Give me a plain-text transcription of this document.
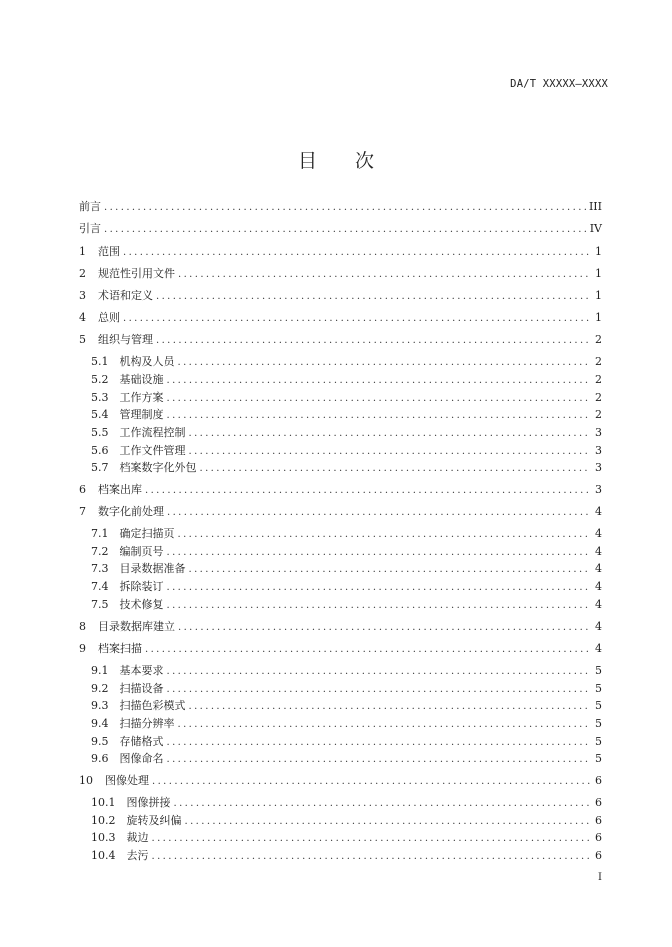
DA/T XXXXX—XXXX
目 次
前言 .....	III
引言 .....	IV
1 范围 .....	1
2 规范性引用文件 .....	1
3 术语和定义 .....	1
4 总则 .....	1
5 组织与管理 .....	2
5.1 机构及人员 .....	2
5.2 基础设施 .....	2
5.3 工作方案 .....	2
5.4 管理制度 .....	2
5.5 工作流程控制 .....	3
5.6 工作文件管理 .....	3
5.7 档案数字化外包 .....	3
6 档案出库 .....	3
7 数字化前处理 .....	4
7.1 确定扫描页 .....	4
7.2 编制页号 .....	4
7.3 目录数据准备 .....	4
7.4 拆除装订 .....	4
7.5 技术修复 .....	4
8 目录数据库建立 .....	4
9 档案扫描 .....	4
9.1 基本要求 .....	5
9.2 扫描设备 .....	5
9.3 扫描色彩模式 .....	5
9.4 扫描分辨率 .....	5
9.5 存储格式 .....	5
9.6 图像命名 .....	5
10 图像处理 .....	6
10.1 图像拼接 .....	6
10.2 旋转及纠偏 .....	6
10.3 裁边 .....	6
10.4 去污 .....	6
I
